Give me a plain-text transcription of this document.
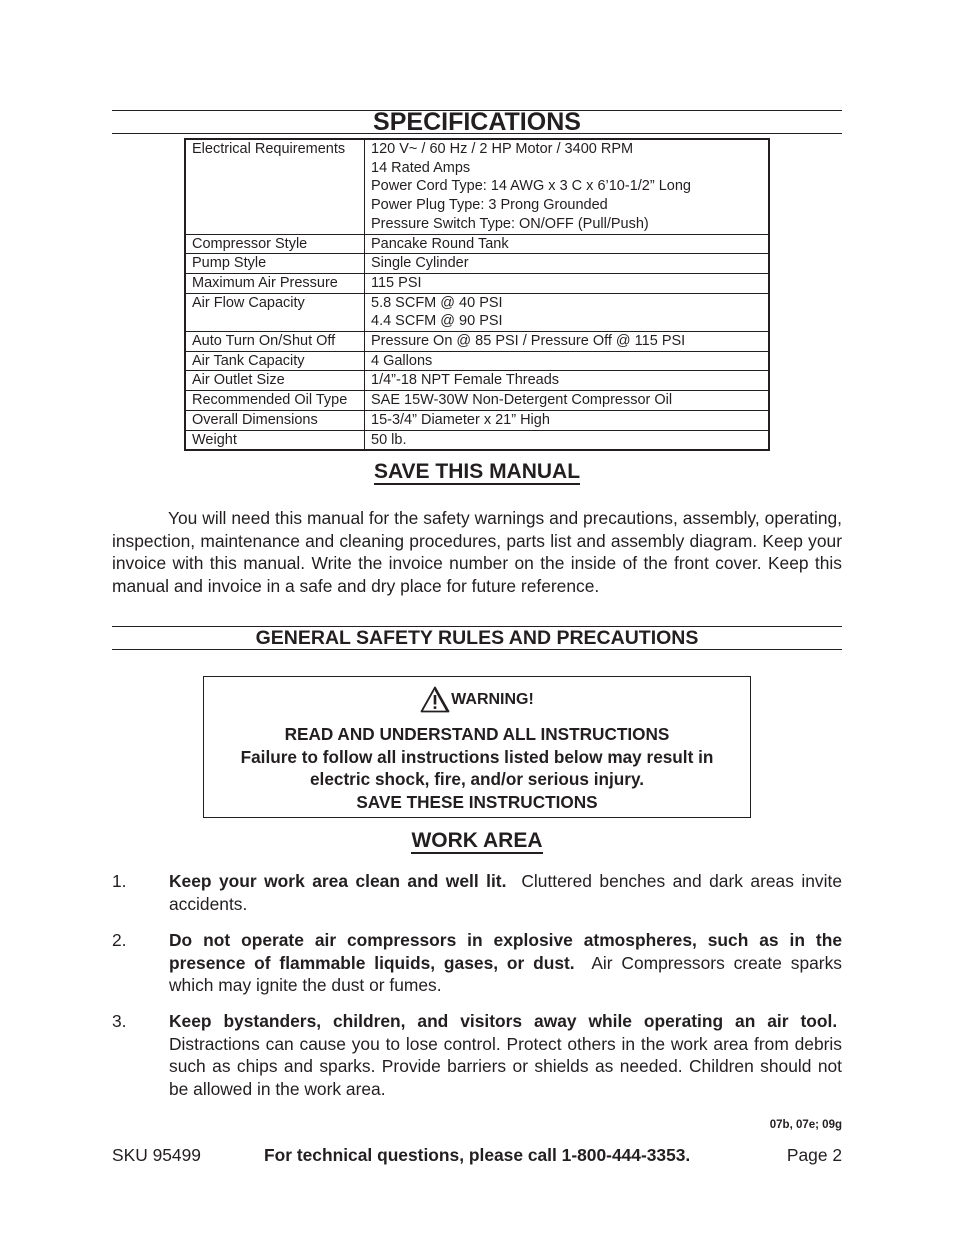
SPECIFICATIONS
Electrical Requirements	120 V~ / 60 Hz / 2 HP Motor / 3400 RPM
14 Rated Amps
Power Cord Type: 14 AWG x 3 C x 6’10-1/2” Long
Power Plug Type: 3 Prong Grounded
Pressure Switch Type: ON/OFF (Pull/Push)

Compressor Style	Pancake Round Tank

Pump Style	Single Cylinder

Maximum Air Pressure	115 PSI

Air Flow Capacity	5.8 SCFM @ 40 PSI
4.4 SCFM @ 90 PSI

Auto Turn On/Shut Off	Pressure On @ 85 PSI / Pressure Off @ 115 PSI

Air Tank Capacity	4 Gallons

Air Outlet Size	1/4”-18 NPT Female Threads

Recommended Oil Type	SAE 15W-30W Non-Detergent Compressor Oil

Overall Dimensions	15-3/4” Diameter x 21” High

Weight	50 lb.
SAVE THIS MANUAL

You will need this manual for the safety warnings and precautions, assembly, operating, inspection, maintenance and cleaning procedures, parts list and assembly diagram. Keep your invoice with this manual. Write the invoice number on the inside of the front cover. Keep this manual and invoice in a safe and dry place for future reference.

GENERAL SAFETY RULES AND PRECAUTIONS
WARNING!
READ AND UNDERSTAND ALL INSTRUCTIONS
Failure to follow all instructions listed below may result in
electric shock, fire, and/or serious injury.
SAVE THESE INSTRUCTIONS
WORK AREA
1. Keep your work area clean and well lit. Cluttered benches and dark areas invite accidents.
2. Do not operate air compressors in explosive atmospheres, such as in the presence of flammable liquids, gases, or dust. Air Compressors create sparks which may ignite the dust or fumes.
3. Keep bystanders, children, and visitors away while operating an air tool.  Distractions can cause you to lose control. Protect others in the work area from debris such as chips and sparks. Provide barriers or shields as needed. Children should not be allowed in the work area.
07b, 07e; 09g
SKU 95499	For technical questions, please call 1-800-444-3353.	Page 2
